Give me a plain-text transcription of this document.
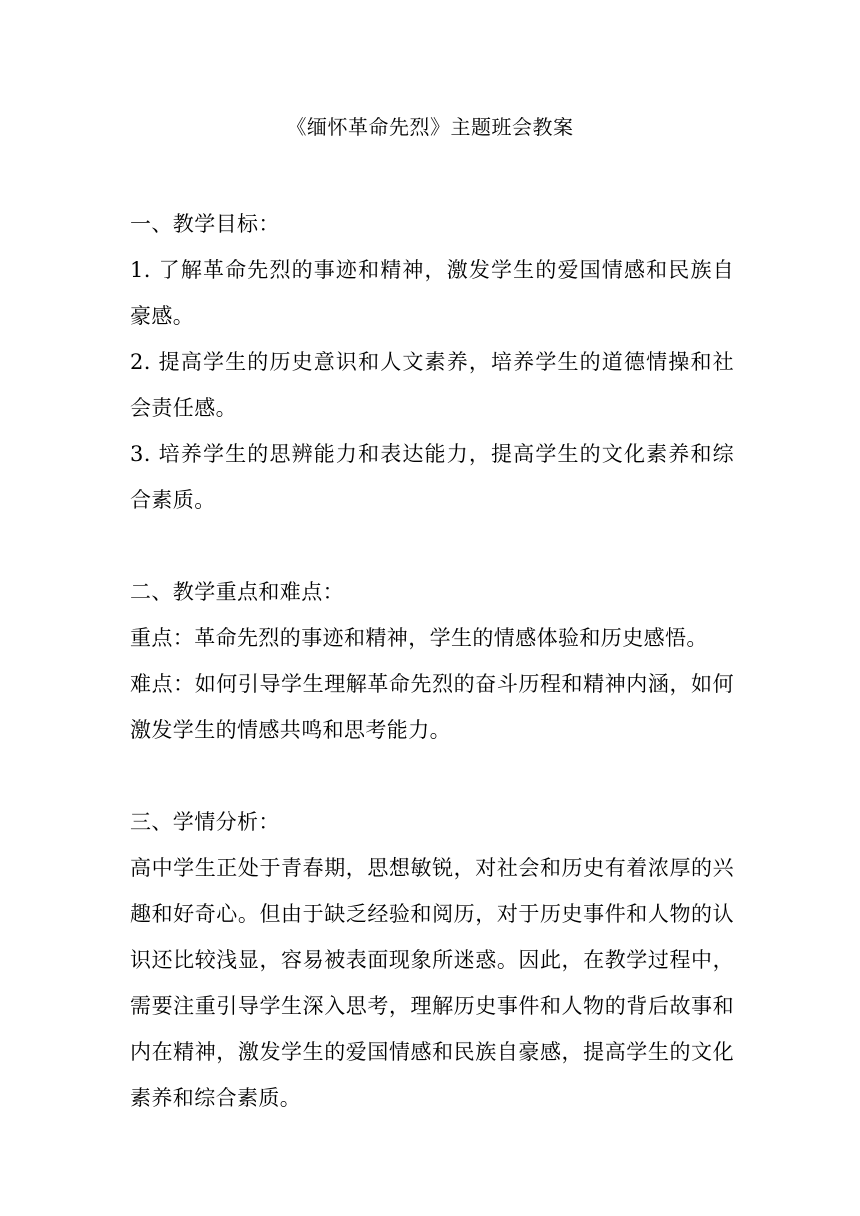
《缅怀革命先烈》主题班会教案

一、教学目标：

1. 了解革命先烈的事迹和精神，激发学生的爱国情感和民族自豪感。

2. 提高学生的历史意识和人文素养，培养学生的道德情操和社会责任感。

3. 培养学生的思辨能力和表达能力，提高学生的文化素养和综合素质。

二、教学重点和难点：

重点：革命先烈的事迹和精神，学生的情感体验和历史感悟。

难点：如何引导学生理解革命先烈的奋斗历程和精神内涵，如何激发学生的情感共鸣和思考能力。

三、学情分析：

高中学生正处于青春期，思想敏锐，对社会和历史有着浓厚的兴趣和好奇心。但由于缺乏经验和阅历，对于历史事件和人物的认识还比较浅显，容易被表面现象所迷惑。因此，在教学过程中，需要注重引导学生深入思考，理解历史事件和人物的背后故事和内在精神，激发学生的爱国情感和民族自豪感，提高学生的文化素养和综合素质。
